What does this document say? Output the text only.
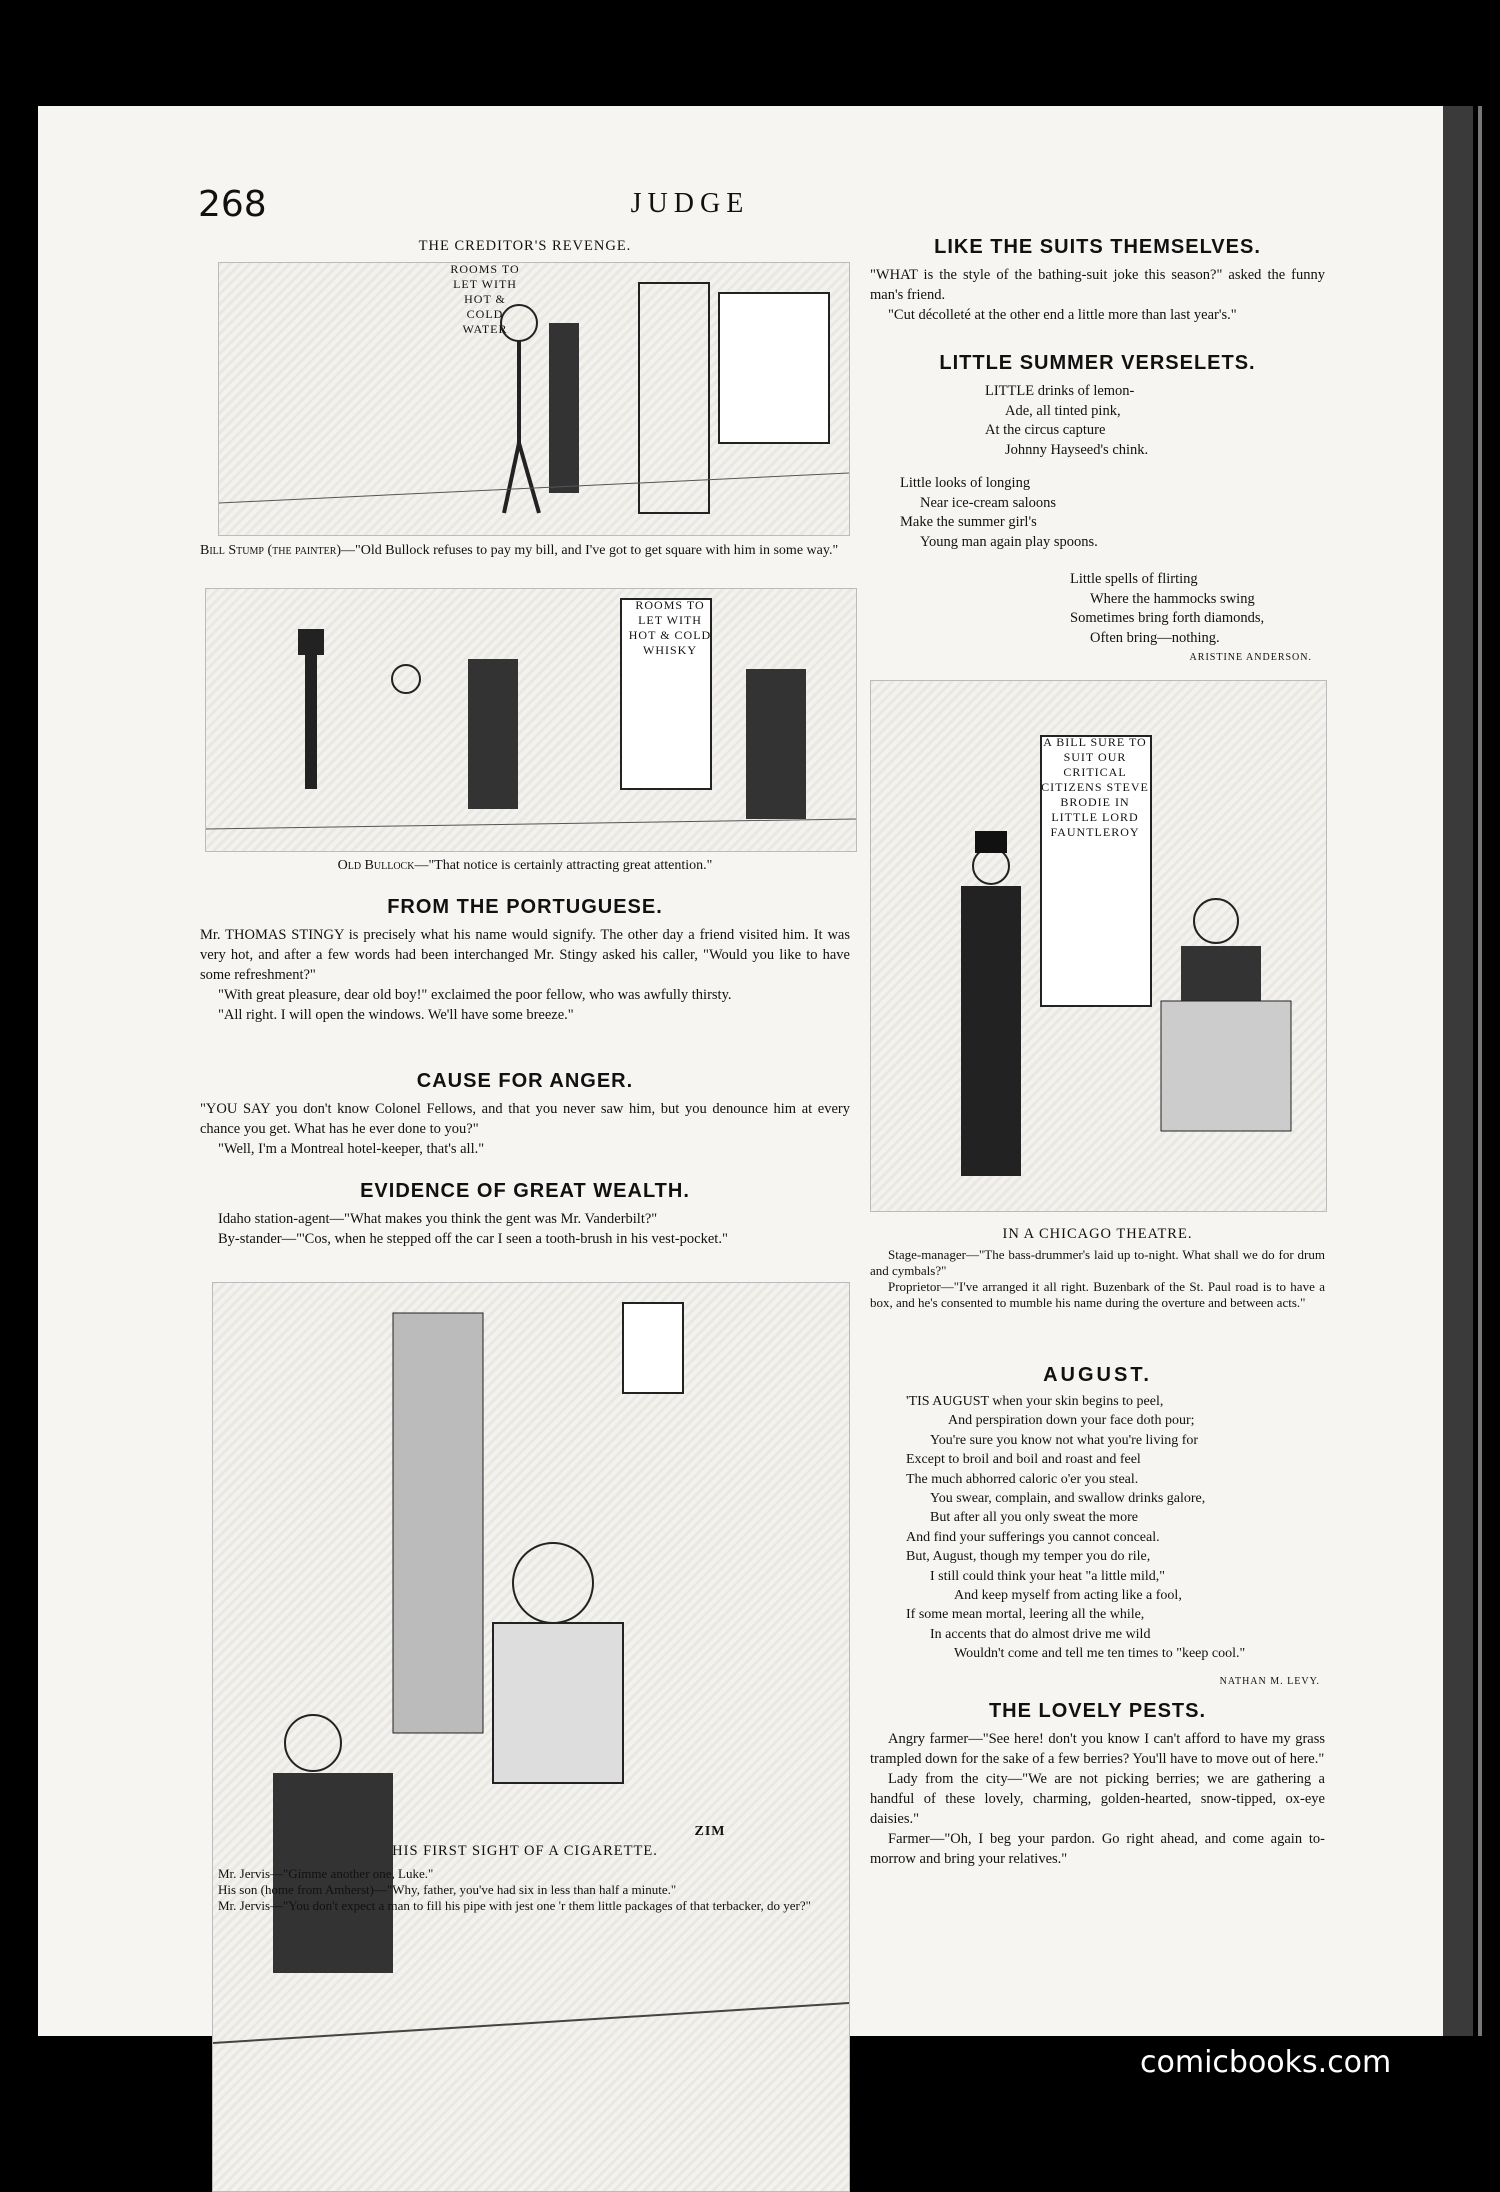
268	JUDGE
THE CREDITOR'S REVENGE.
ROOMS TO LET WITH HOT & COLD WATER
Bill Stump (the painter)—"Old Bullock refuses to pay my bill, and I've got to get square with him in some way."
ROOMS TO LET WITH HOT & COLD WHISKY
Old Bullock—"That notice is certainly attracting great attention."
FROM THE PORTUGUESE.

Mr. THOMAS STINGY is precisely what his name would signify. The other day a friend visited him. It was very hot, and after a few words had been interchanged Mr. Stingy asked his caller, "Would you like to have some refreshment?"

"With great pleasure, dear old boy!" exclaimed the poor fellow, who was awfully thirsty.

"All right. I will open the windows. We'll have some breeze."

CAUSE FOR ANGER.

"YOU SAY you don't know Colonel Fellows, and that you never saw him, but you denounce him at every chance you get. What has he ever done to you?"

"Well, I'm a Montreal hotel-keeper, that's all."

EVIDENCE OF GREAT WEALTH.

Idaho station-agent—"What makes you think the gent was Mr. Vanderbilt?"

By-stander—"'Cos, when he stepped off the car I seen a tooth-brush in his vest-pocket."

ZIM
HIS FIRST SIGHT OF A CIGARETTE.

Mr. Jervis—"Gimme another one, Luke."

His son (home from Amherst)—"Why, father, you've had six in less than half a minute."

Mr. Jervis—"You don't expect a man to fill his pipe with jest one 'r them little packages of that terbacker, do yer?"

LIKE THE SUITS THEMSELVES.

"WHAT is the style of the bathing-suit joke this season?" asked the funny man's friend.

"Cut décolleté at the other end a little more than last year's."

LITTLE SUMMER VERSELETS.
LITTLE drinks of lemon-
Ade, all tinted pink,
At the circus capture
Johnny Hayseed's chink.
Little looks of longing
Near ice-cream saloons
Make the summer girl's
Young man again play spoons.
Little spells of flirting
Where the hammocks swing
Sometimes bring forth diamonds,
Often bring—nothing.
ARISTINE ANDERSON.
A BILL SURE TO SUIT OUR CRITICAL CITIZENS STEVE BRODIE IN LITTLE LORD FAUNTLEROY
IN A CHICAGO THEATRE.

Stage-manager—"The bass-drummer's laid up to-night. What shall we do for drum and cymbals?"

Proprietor—"I've arranged it all right. Buzenbark of the St. Paul road is to have a box, and he's consented to mumble his name during the overture and between acts."

AUGUST.
'TIS AUGUST when your skin begins to peel,
And perspiration down your face doth pour;
You're sure you know not what you're living for
Except to broil and boil and roast and feel
The much abhorred caloric o'er you steal.
You swear, complain, and swallow drinks galore,
But after all you only sweat the more
And find your sufferings you cannot conceal.
But, August, though my temper you do rile,
I still could think your heat "a little mild,"
And keep myself from acting like a fool,
If some mean mortal, leering all the while,
In accents that do almost drive me wild
Wouldn't come and tell me ten times to "keep cool."
NATHAN M. LEVY.
THE LOVELY PESTS.

Angry farmer—"See here! don't you know I can't afford to have my grass trampled down for the sake of a few berries? You'll have to move out of here."

Lady from the city—"We are not picking berries; we are gathering a handful of these lovely, charming, golden-hearted, snow-tipped, ox-eye daisies."

Farmer—"Oh, I beg your pardon. Go right ahead, and come again to-morrow and bring your relatives."

comicbooks.com
